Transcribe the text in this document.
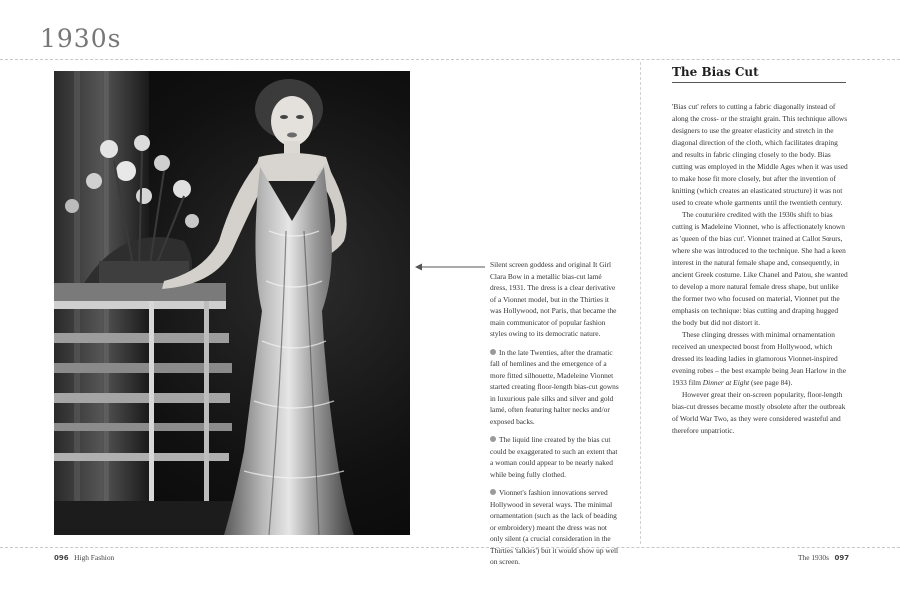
1930s

Silent screen goddess and original It Girl Clara Bow in a metallic bias-cut lamé dress, 1931. The dress is a clear derivative of a Vionnet model, but in the Thirties it was Hollywood, not Paris, that became the main communicator of popular fashion styles owing to its democratic nature.

In the late Twenties, after the dramatic fall of hemlines and the emergence of a more fitted silhouette, Madeleine Vionnet started creating floor-length bias-cut gowns in luxurious pale silks and silver and gold lamé, often featuring halter necks and/or exposed backs.

The liquid line created by the bias cut could be exaggerated to such an extent that a woman could appear to be nearly naked while being fully clothed.

Vionnet's fashion innovations served Hollywood in several ways. The minimal ornamentation (such as the lack of beading or embroidery) meant the dress was not only silent (a crucial consideration in the Thirties 'talkies') but it would show up well on screen.

The Bias Cut

'Bias cut' refers to cutting a fabric diagonally instead of along the cross- or the straight grain. This technique allows designers to use the greater elasticity and stretch in the diagonal direction of the cloth, which facilitates draping and results in fabric clinging closely to the body. Bias cutting was employed in the Middle Ages when it was used to make hose fit more closely, but after the invention of knitting (which creates an elasticated structure) it was not used to create whole garments until the twentieth century.

The couturière credited with the 1930s shift to bias cutting is Madeleine Vionnet, who is affectionately known as 'queen of the bias cut'. Vionnet trained at Callot Sœurs, where she was introduced to the technique. She had a keen interest in the natural female shape and, consequently, in ancient Greek costume. Like Chanel and Patou, she wanted to develop a more natural female dress shape, but unlike the former two who focused on material, Vionnet put the emphasis on technique: bias cutting and draping hugged the body but did not distort it.

These clinging dresses with minimal ornamentation received an unexpected boost from Hollywood, which dressed its leading ladies in glamorous Vionnet-inspired evening robes – the best example being Jean Harlow in the 1933 film Dinner at Eight (see page 84).

However great their on-screen popularity, floor-length bias-cut dresses became mostly obsolete after the outbreak of World War Two, as they were considered wasteful and therefore unpatriotic.

096 High Fashion	The 1930s 097
